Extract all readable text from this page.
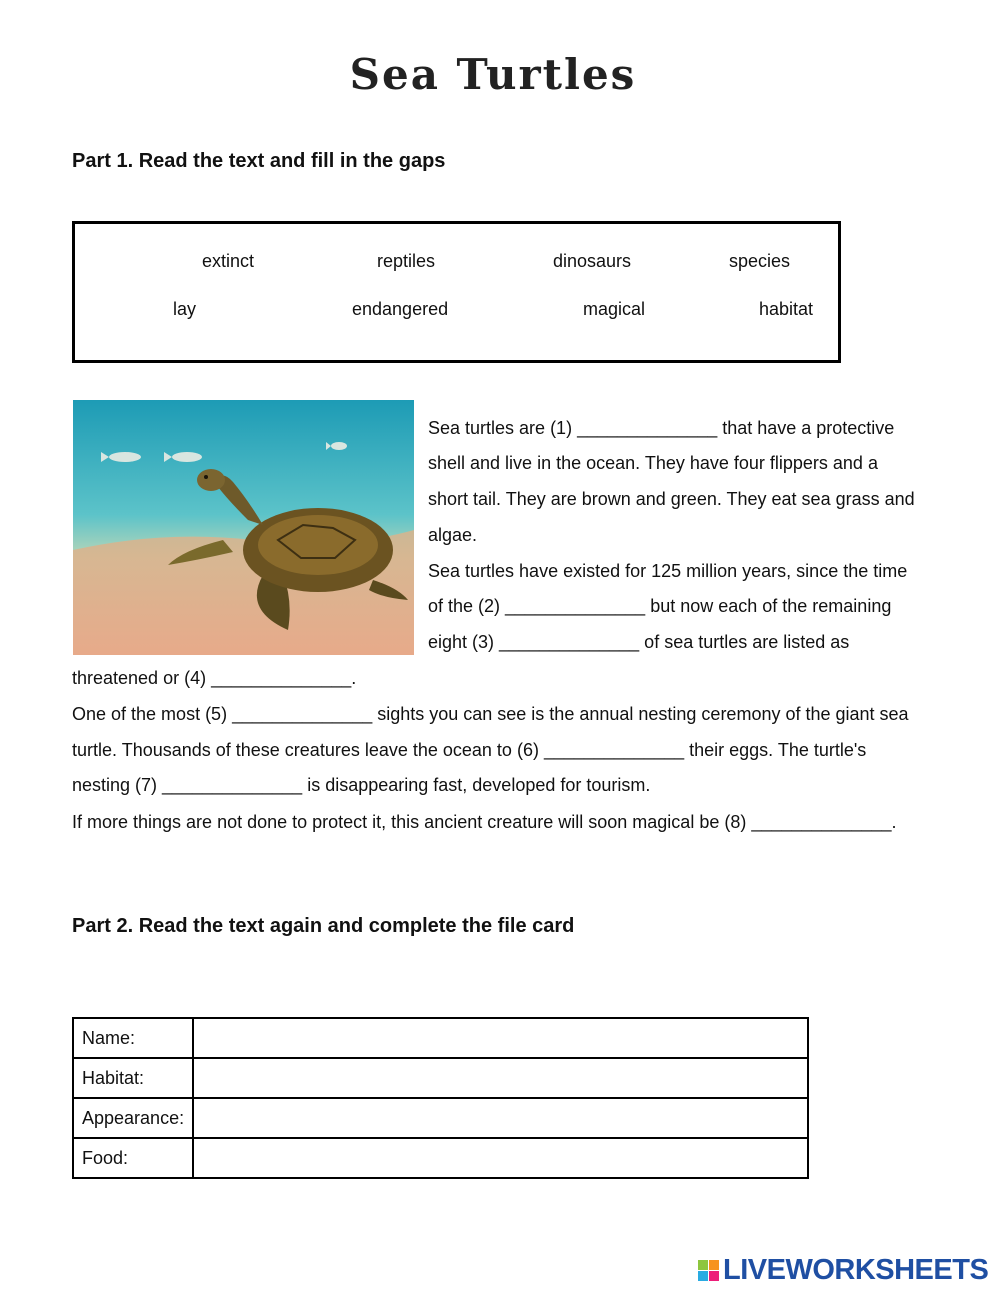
Sea Turtles
Part 1. Read the text and fill in the gaps
extinct	reptiles	dinosaurs	species
lay	endangered	magical	habitat
Sea turtles are (1) ______________ that have a protective
shell and live in the ocean. They have four flippers and a
short tail. They are brown and green. They eat sea grass and
algae.
Sea turtles have existed for 125 million years, since the time
of the (2) ______________ but now each of the remaining
eight (3) ______________ of sea turtles are listed as
threatened or (4) ______________.
One of the most (5) ______________ sights you can see is the annual nesting ceremony of the giant sea
turtle. Thousands of these creatures leave the ocean to (6) ______________ their eggs. The turtle's
nesting (7) ______________ is disappearing fast, developed for tourism.
If more things are not done to protect it, this ancient creature will soon magical be (8) ______________.
Part 2. Read the text again and complete the file card
Name:	
Habitat:	
Appearance:	
Food:	
LIVEWORKSHEETS
